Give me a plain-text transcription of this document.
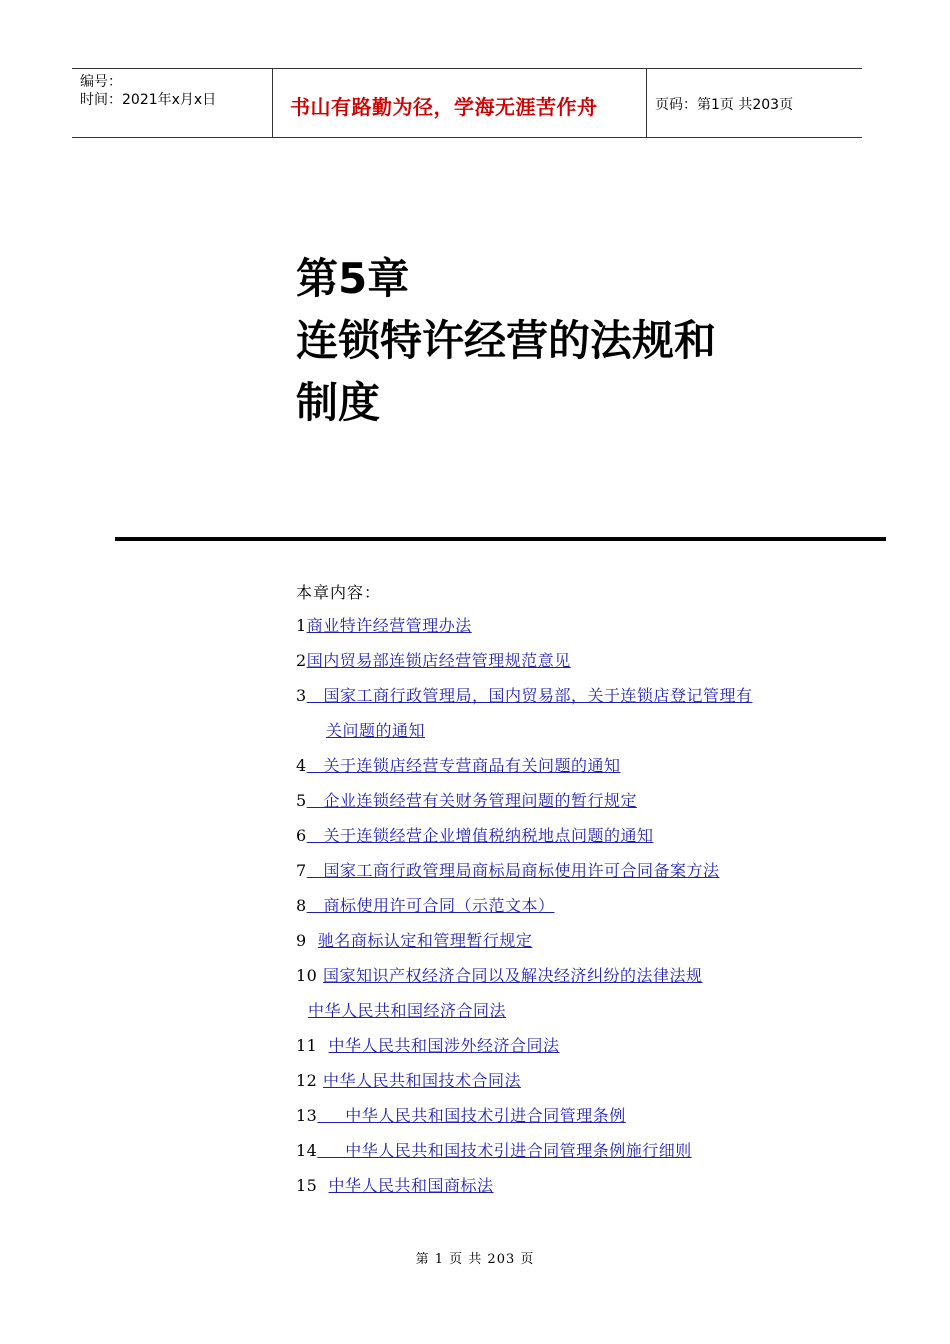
编号：
时间：2021年x月x日	书山有路勤为径，学海无涯苦作舟	页码：第1页 共203页
第5章
连锁特许经营的法规和
制度
本章内容：
1商业特许经营管理办法
2国内贸易部连锁店经营管理规范意见
3   国家工商行政管理局，国内贸易部，关于连锁店登记管理有
关问题的通知
4   关于连锁店经营专营商品有关问题的通知
5   企业连锁经营有关财务管理问题的暂行规定
6   关于连锁经营企业增值税纳税地点问题的通知
7   国家工商行政管理局商标局商标使用许可合同备案方法
8   商标使用许可合同（示范文本）
9  驰名商标认定和管理暂行规定
10 国家知识产权经济合同以及解决经济纠纷的法律法规
中华人民共和国经济合同法
11  中华人民共和国涉外经济合同法
12 中华人民共和国技术合同法
13     中华人民共和国技术引进合同管理条例
14     中华人民共和国技术引进合同管理条例施行细则
15  中华人民共和国商标法
第 1 页 共 203 页
